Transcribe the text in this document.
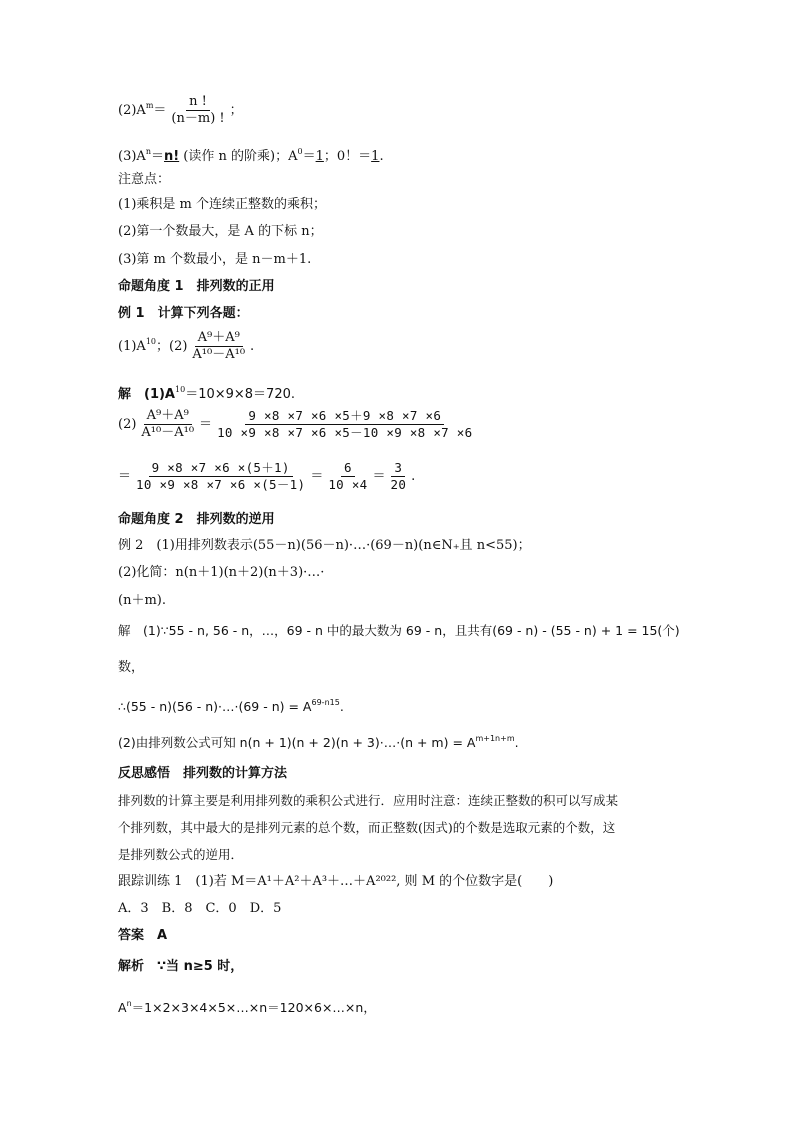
$(2)A^m= \frac{n !}{(n-m) !}$ ；
$(3)A^n=n$! (读作 n 的阶乘)；$A^0=1$；0！＝1.
注意点：
(1)乘积是 m 个连续正整数的乘积；
(2)第一个数最大，是 A 的下标 n；
(3)第 m 个数最小，是 n－m＋1.
命题角度 1　排列数的正用
例 1　计算下列各题：
$(1)A^{10}$；$(2) \frac{\text{A⁹＋A⁹}}{\text{A¹⁰－A¹⁰}}$ .
解　$(1)A^{10}=10\times 9\times 8=720$.
$(2) \frac{\text{A⁹＋A⁹}}{\text{A¹⁰－A¹⁰}} = \frac{9 \times 8 \times 7 \times 6 \times 5+9 \times 8 \times 7 \times 6}{10 \times 9 \times 8 \times 7 \times 6 \times 5-10 \times 9 \times 8 \times 7 \times 6}$
＝ $\frac{9 \times 8 \times 7 \times 6 \times(5+1)}{10 \times 9 \times 8 \times 7 \times 6 \times(5-1)} = \frac{6}{10 \times 4} = \frac{3}{20}$ .
命题角度 2　排列数的逆用
例 2　(1)用排列数表示(55－n)(56－n)·…·(69－n)(n∈N₊且 n<55)；
(2)化简：n(n＋1)(n＋2)(n＋3)·…·
(n＋m).
解　(1)∵55 - n, 56 - n，…，69 - n 中的最大数为 69 - n，且共有(69 - n) - (55 - n) + 1 = 15(个)
数，
∴(55 - n)(56 - n)·…·(69 - $n) = A^{69-n15}$.
(2)由排列数公式可知 n(n + 1)(n + 2)(n + 3)·…·(n + $m) = A^{m+1n+m}$.
反思感悟　排列数的计算方法
排列数的计算主要是利用排列数的乘积公式进行．应用时注意：连续正整数的积可以写成某
个排列数，其中最大的是排列元素的总个数，而正整数(因式)的个数是选取元素的个数，这
是排列数公式的逆用．
跟踪训练 1　(1)若 M＝A¹＋A²＋A³＋…＋A²⁰²², 则 M 的个位数字是(　　)
A．3　B．8　C．0　D．5
答案　A
解析　∵当 n≥5 时，
$A^n=1\times 2\times 3\times 4\times 5\times\dots\times n=120\times 6\times\dots\times n$，
